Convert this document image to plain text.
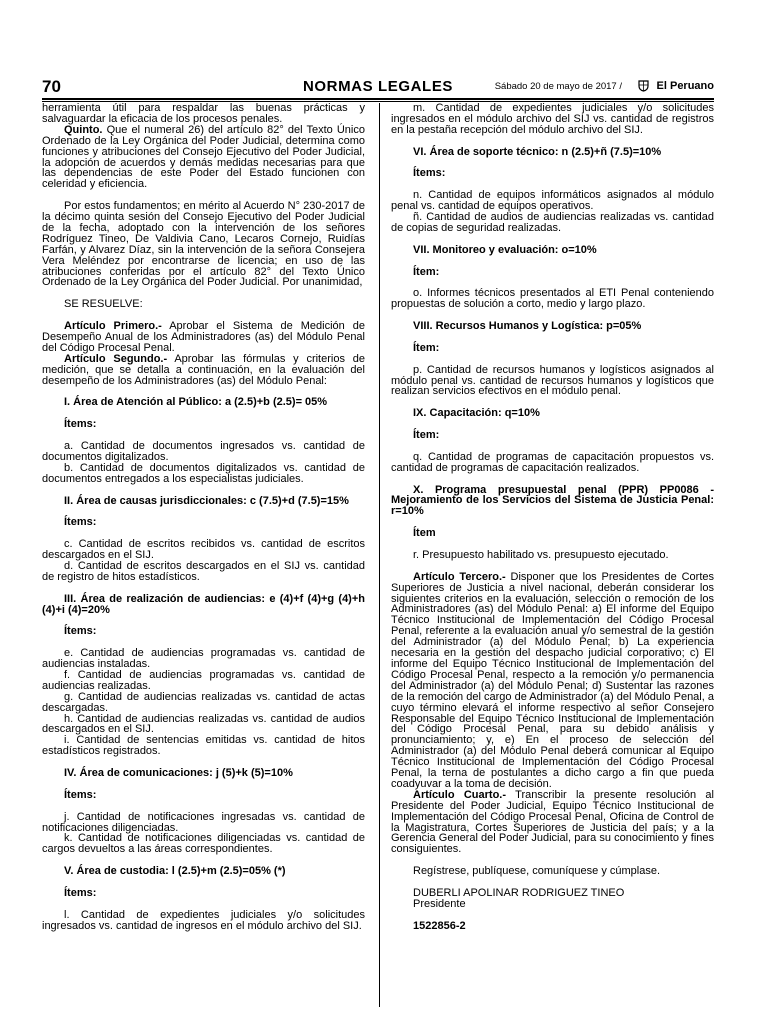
70	NORMAS LEGALES	Sábado 20 de mayo de 2017 /	El Peruano

herramienta útil para respaldar las buenas prácticas y salvaguardar la eficacia de los procesos penales.

Quinto. Que el numeral 26) del artículo 82° del Texto Único Ordenado de la Ley Orgánica del Poder Judicial, determina como funciones y atribuciones del Consejo Ejecutivo del Poder Judicial, la adopción de acuerdos y demás medidas necesarias para que las dependencias de este Poder del Estado funcionen con celeridad y eficiencia.

Por estos fundamentos; en mérito al Acuerdo N° 230-2017 de la décimo quinta sesión del Consejo Ejecutivo del Poder Judicial de la fecha, adoptado con la intervención de los señores Rodríguez Tineo, De Valdivia Cano, Lecaros Cornejo, Ruidías Farfán, y Alvarez Díaz, sin la intervención de la señora Consejera Vera Meléndez por encontrarse de licencia; en uso de las atribuciones conferidas por el artículo 82° del Texto Único Ordenado de la Ley Orgánica del Poder Judicial. Por unanimidad,

SE RESUELVE:

Artículo Primero.- Aprobar el Sistema de Medición de Desempeño Anual de los Administradores (as) del Módulo Penal del Código Procesal Penal.

Artículo Segundo.- Aprobar las fórmulas y criterios de medición, que se detalla a continuación, en la evaluación del desempeño de los Administradores (as) del Módulo Penal:

I. Área de Atención al Público: a (2.5)+b (2.5)= 05%

Ítems:

a. Cantidad de documentos ingresados vs. cantidad de documentos digitalizados.

b. Cantidad de documentos digitalizados vs. cantidad de documentos entregados a los especialistas judiciales.

II. Área de causas jurisdiccionales: c (7.5)+d (7.5)=15%

Ítems:

c. Cantidad de escritos recibidos vs. cantidad de escritos descargados en el SIJ.

d. Cantidad de escritos descargados en el SIJ vs. cantidad de registro de hitos estadísticos.

III. Área de realización de audiencias: e (4)+f (4)+g (4)+h (4)+i (4)=20%

Ítems:

e. Cantidad de audiencias programadas vs. cantidad de audiencias instaladas.

f. Cantidad de audiencias programadas vs. cantidad de audiencias realizadas.

g. Cantidad de audiencias realizadas vs. cantidad de actas descargadas.

h. Cantidad de audiencias realizadas vs. cantidad de audios descargados en el SIJ.

i. Cantidad de sentencias emitidas vs. cantidad de hitos estadísticos registrados.

IV. Área de comunicaciones: j (5)+k (5)=10%

Ítems:

j. Cantidad de notificaciones ingresadas vs. cantidad de notificaciones diligenciadas.

k. Cantidad de notificaciones diligenciadas vs. cantidad de cargos devueltos a las áreas correspondientes.

V. Área de custodia: l (2.5)+m (2.5)=05% (*)

Ítems:

l. Cantidad de expedientes judiciales y/o solicitudes ingresados vs. cantidad de ingresos en el módulo archivo del SIJ.

m. Cantidad de expedientes judiciales y/o solicitudes ingresados en el módulo archivo del SIJ vs. cantidad de registros en la pestaña recepción del módulo archivo del SIJ.

VI. Área de soporte técnico: n (2.5)+ñ (7.5)=10%

Ítems:

n. Cantidad de equipos informáticos asignados al módulo penal vs. cantidad de equipos operativos.

ñ. Cantidad de audios de audiencias realizadas vs. cantidad de copias de seguridad realizadas.

VII. Monitoreo y evaluación: o=10%

Ítem:

o. Informes técnicos presentados al ETI Penal conteniendo propuestas de solución a corto, medio y largo plazo.

VIII. Recursos Humanos y Logística: p=05%

Ítem:

p. Cantidad de recursos humanos y logísticos asignados al módulo penal vs. cantidad de recursos humanos y logísticos que realizan servicios efectivos en el módulo penal.

IX. Capacitación: q=10%

Ítem:

q. Cantidad de programas de capacitación propuestos vs. cantidad de programas de capacitación realizados.

X. Programa presupuestal penal (PPR) PP0086 - Mejoramiento de los Servicios del Sistema de Justicia Penal: r=10%

Ítem

r. Presupuesto habilitado vs. presupuesto ejecutado.

Artículo Tercero.- Disponer que los Presidentes de Cortes Superiores de Justicia a nivel nacional, deberán considerar los siguientes criterios en la evaluación, selección o remoción de los Administradores (as) del Módulo Penal: a) El informe del Equipo Técnico Institucional de Implementación del Código Procesal Penal, referente a la evaluación anual y/o semestral de la gestión del Administrador (a) del Módulo Penal; b) La experiencia necesaria en la gestión del despacho judicial corporativo; c) El informe del Equipo Técnico Institucional de Implementación del Código Procesal Penal, respecto a la remoción y/o permanencia del Administrador (a) del Módulo Penal; d) Sustentar las razones de la remoción del cargo de Administrador (a) del Módulo Penal, a cuyo término elevará el informe respectivo al señor Consejero Responsable del Equipo Técnico Institucional de Implementación del Código Procesal Penal, para su debido análisis y pronunciamiento; y, e) En el proceso de selección del Administrador (a) del Módulo Penal deberá comunicar al Equipo Técnico Institucional de Implementación del Código Procesal Penal, la terna de postulantes a dicho cargo a fin que pueda coadyuvar a la toma de decisión.

Artículo Cuarto.- Transcribir la presente resolución al Presidente del Poder Judicial, Equipo Técnico Institucional de Implementación del Código Procesal Penal, Oficina de Control de la Magistratura, Cortes Superiores de Justicia del país; y a la Gerencia General del Poder Judicial, para su conocimiento y fines consiguientes.

Regístrese, publíquese, comuníquese y cúmplase.

DUBERLI APOLINAR RODRIGUEZ TINEO

Presidente

1522856-2
